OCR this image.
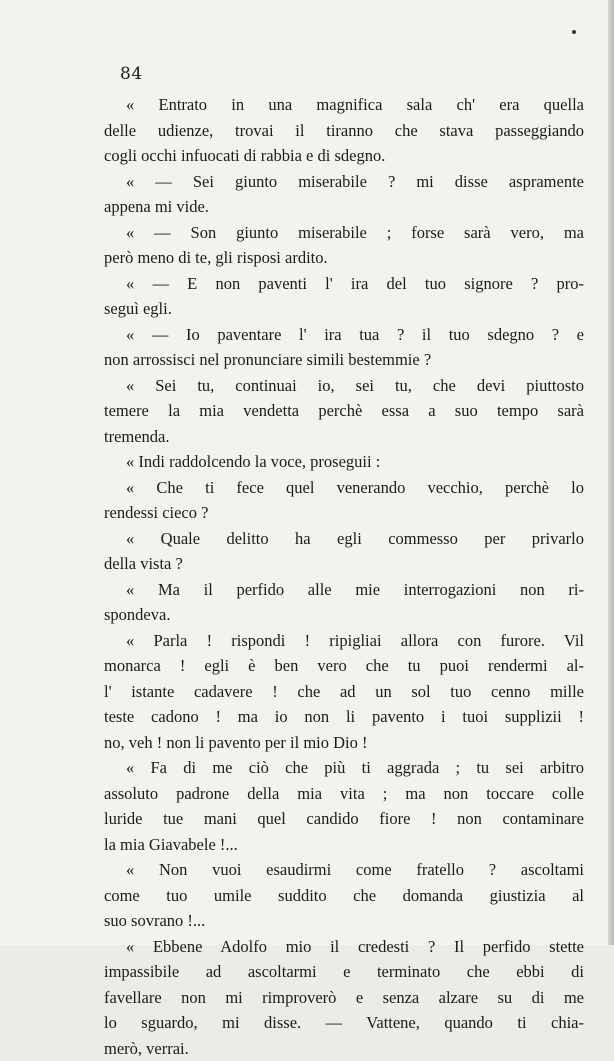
84
« Entrato in una magnifica sala ch' era quella
delle udienze, trovai il tiranno che stava passeggiando
cogli occhi infuocati di rabbia e di sdegno.
« — Sei giunto miserabile ? mi disse aspramente
appena mi vide.
« — Son giunto miserabile ; forse sarà vero, ma
però meno di te, gli risposi ardito.
« — E non paventi l' ira del tuo signore ? pro-
seguì egli.
« — Io paventare l' ira tua ? il tuo sdegno ? e
non arrossisci nel pronunciare simili bestemmie ?
« Sei tu, continuai io, sei tu, che devi piuttosto
temere la mia vendetta perchè essa a suo tempo sarà
tremenda.
« Indi raddolcendo la voce, proseguii :
« Che ti fece quel venerando vecchio, perchè lo
rendessi cieco ?
« Quale delitto ha egli commesso per privarlo
della vista ?
« Ma il perfido alle mie interrogazioni non ri-
spondeva.
« Parla ! rispondi ! ripigliai allora con furore. Vil
monarca ! egli è ben vero che tu puoi rendermi al-
l' istante cadavere ! che ad un sol tuo cenno mille
teste cadono ! ma io non li pavento i tuoi supplizii !
no, veh ! non li pavento per il mio Dio !
« Fa di me ciò che più ti aggrada ; tu sei arbitro
assoluto padrone della mia vita ; ma non toccare colle
luride tue mani quel candido fiore ! non contaminare
la mia Giavabele !...
« Non vuoi esaudirmi come fratello ? ascoltami
come tuo umile suddito che domanda giustizia al
suo sovrano !...
« Ebbene Adolfo mio il credesti ? Il perfido stette
impassibile ad ascoltarmi e terminato che ebbi di
favellare non mi rimproverò e senza alzare su di me
lo sguardo, mi disse. — Vattene, quando ti chia-
merò, verrai.
